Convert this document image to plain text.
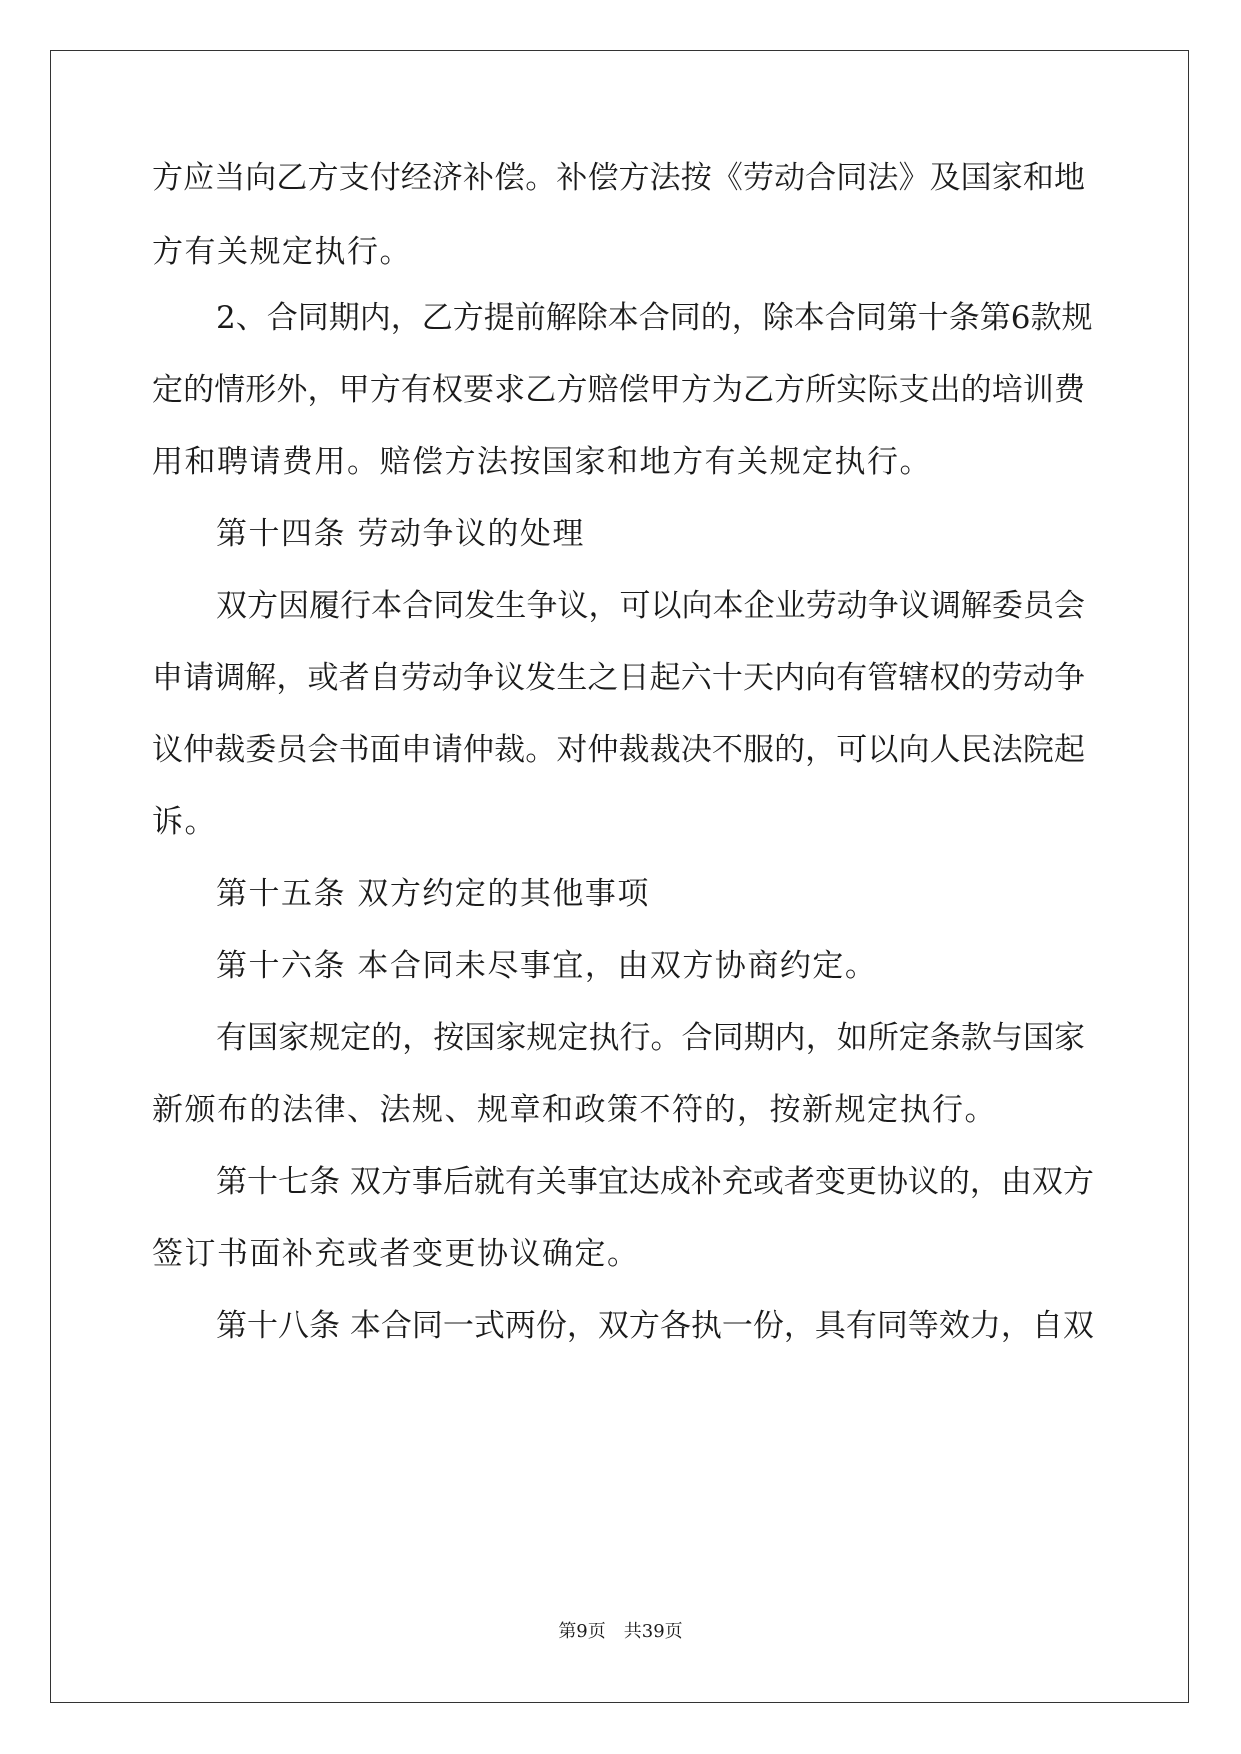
方应当向乙方支付经济补偿。补偿方法按《劳动合同法》及国家和地
方有关规定执行。
2、合同期内，乙方提前解除本合同的，除本合同第十条第6款规
定的情形外，甲方有权要求乙方赔偿甲方为乙方所实际支出的培训费
用和聘请费用。赔偿方法按国家和地方有关规定执行。
第十四条 劳动争议的处理
双方因履行本合同发生争议，可以向本企业劳动争议调解委员会
申请调解，或者自劳动争议发生之日起六十天内向有管辖权的劳动争
议仲裁委员会书面申请仲裁。对仲裁裁决不服的，可以向人民法院起
诉。
第十五条 双方约定的其他事项
第十六条 本合同未尽事宜，由双方协商约定。
有国家规定的，按国家规定执行。合同期内，如所定条款与国家
新颁布的法律、法规、规章和政策不符的，按新规定执行。
第十七条 双方事后就有关事宜达成补充或者变更协议的，由双方
签订书面补充或者变更协议确定。
第十八条 本合同一式两份，双方各执一份，具有同等效力，自双
第9页 共39页
